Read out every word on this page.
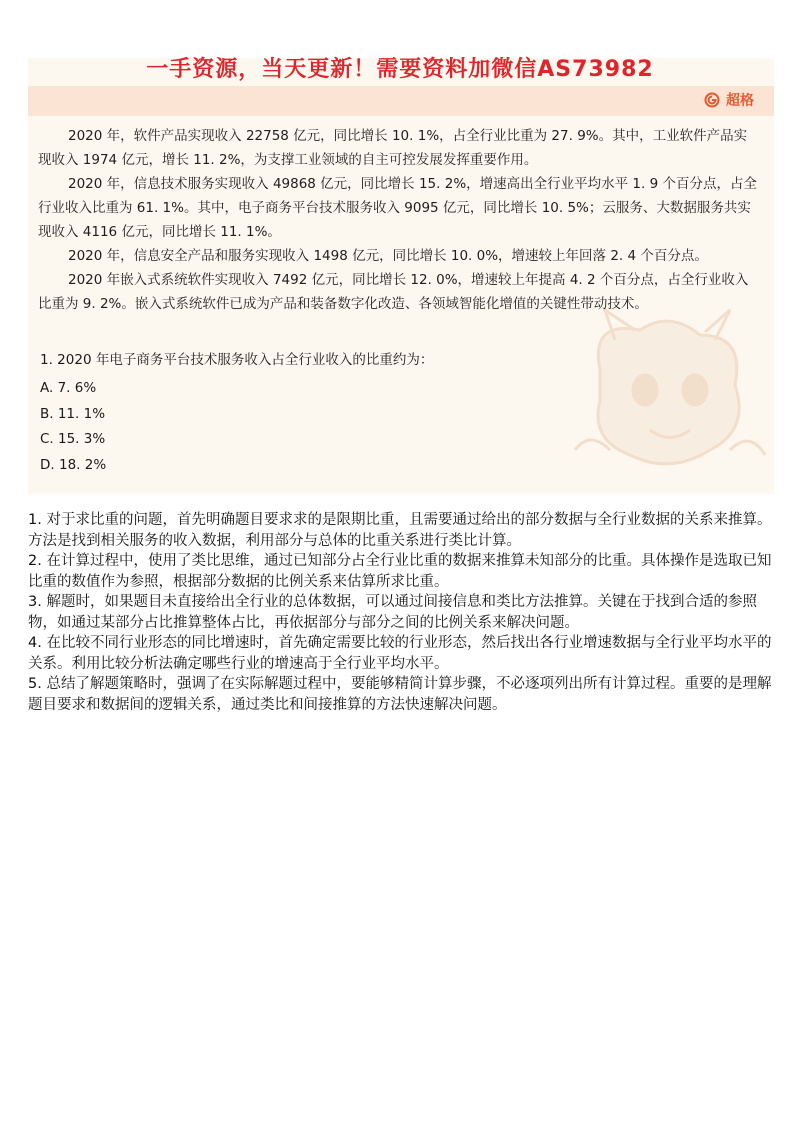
一手资源，当天更新！需要资料加微信AS73982
超格

2020 年，软件产品实现收入 22758 亿元，同比增长 10. 1%，占全行业比重为 27. 9%。其中，工业软件产品实现收入 1974 亿元，增长 11. 2%，为支撑工业领域的自主可控发展发挥重要作用。

2020 年，信息技术服务实现收入 49868 亿元，同比增长 15. 2%，增速高出全行业平均水平 1. 9 个百分点，占全行业收入比重为 61. 1%。其中，电子商务平台技术服务收入 9095 亿元，同比增长 10. 5%；云服务、大数据服务共实现收入 4116 亿元，同比增长 11. 1%。

2020 年，信息安全产品和服务实现收入 1498 亿元，同比增长 10. 0%，增速较上年回落 2. 4 个百分点。

2020 年嵌入式系统软件实现收入 7492 亿元，同比增长 12. 0%，增速较上年提高 4. 2 个百分点，占全行业收入比重为 9. 2%。嵌入式系统软件已成为产品和装备数字化改造、各领域智能化增值的关键性带动技术。

1. 2020 年电子商务平台技术服务收入占全行业收入的比重约为：

A. 7. 6%

B. 11. 1%

C. 15. 3%

D. 18. 2%

1. 对于求比重的问题，首先明确题目要求求的是限期比重，且需要通过给出的部分数据与全行业数据的关系来推算。方法是找到相关服务的收入数据，利用部分与总体的比重关系进行类比计算。

2. 在计算过程中，使用了类比思维，通过已知部分占全行业比重的数据来推算未知部分的比重。具体操作是选取已知比重的数值作为参照，根据部分数据的比例关系来估算所求比重。

3. 解题时，如果题目未直接给出全行业的总体数据，可以通过间接信息和类比方法推算。关键在于找到合适的参照物，如通过某部分占比推算整体占比，再依据部分与部分之间的比例关系来解决问题。

4. 在比较不同行业形态的同比增速时，首先确定需要比较的行业形态，然后找出各行业增速数据与全行业平均水平的关系。利用比较分析法确定哪些行业的增速高于全行业平均水平。

5. 总结了解题策略时，强调了在实际解题过程中，要能够精简计算步骤，不必逐项列出所有计算过程。重要的是理解题目要求和数据间的逻辑关系，通过类比和间接推算的方法快速解决问题。
